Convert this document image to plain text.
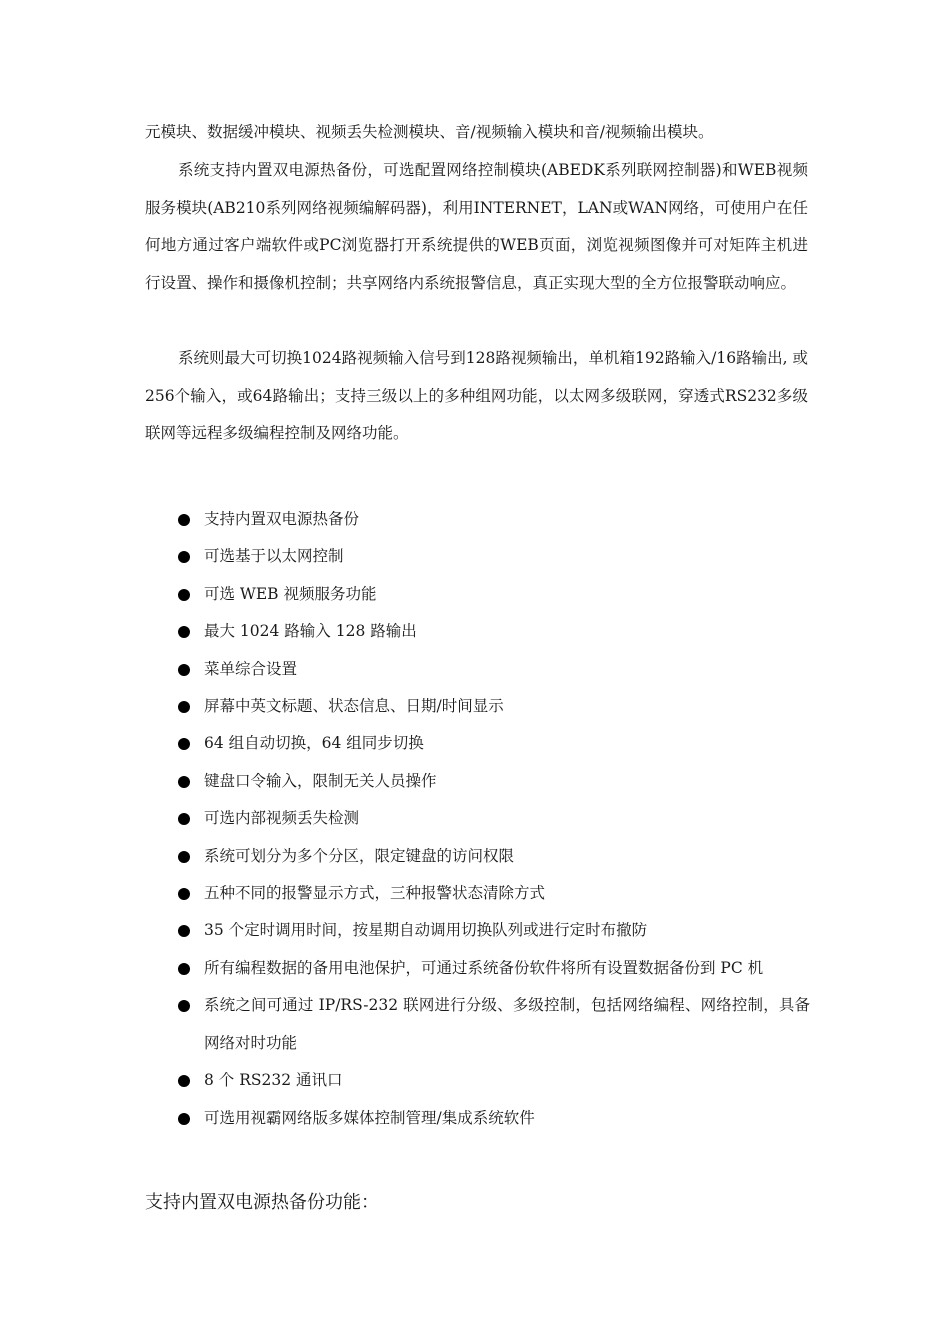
元模块、数据缓冲模块、视频丢失检测模块、音/视频输入模块和音/视频输出模块。

系统支持内置双电源热备份，可选配置网络控制模块(ABEDK系列联网控制器)和WEB视频服务模块(AB210系列网络视频编解码器)，利用INTERNET，LAN或WAN网络，可使用户在任何地方通过客户端软件或PC浏览器打开系统提供的WEB页面，浏览视频图像并可对矩阵主机进行设置、操作和摄像机控制；共享网络内系统报警信息，真正实现大型的全方位报警联动响应。

系统则最大可切换1024路视频输入信号到128路视频输出，单机箱192路输入/16路输出, 或256个输入，或64路输出；支持三级以上的多种组网功能，以太网多级联网，穿透式RS232多级联网等远程多级编程控制及网络功能。

支持内置双电源热备份
可选基于以太网控制
可选 WEB 视频服务功能
最大 1024 路输入 128 路输出
菜单综合设置
屏幕中英文标题、状态信息、日期/时间显示
64 组自动切换，64 组同步切换
键盘口令输入，限制无关人员操作
可选内部视频丢失检测
系统可划分为多个分区，限定键盘的访问权限
五种不同的报警显示方式，三种报警状态清除方式
35 个定时调用时间，按星期自动调用切换队列或进行定时布撤防
所有编程数据的备用电池保护，可通过系统备份软件将所有设置数据备份到 PC 机
系统之间可通过 IP/RS-232 联网进行分级、多级控制，包括网络编程、网络控制，具备网络对时功能
8 个 RS232 通讯口
可选用视霸网络版多媒体控制管理/集成系统软件
支持内置双电源热备份功能：
